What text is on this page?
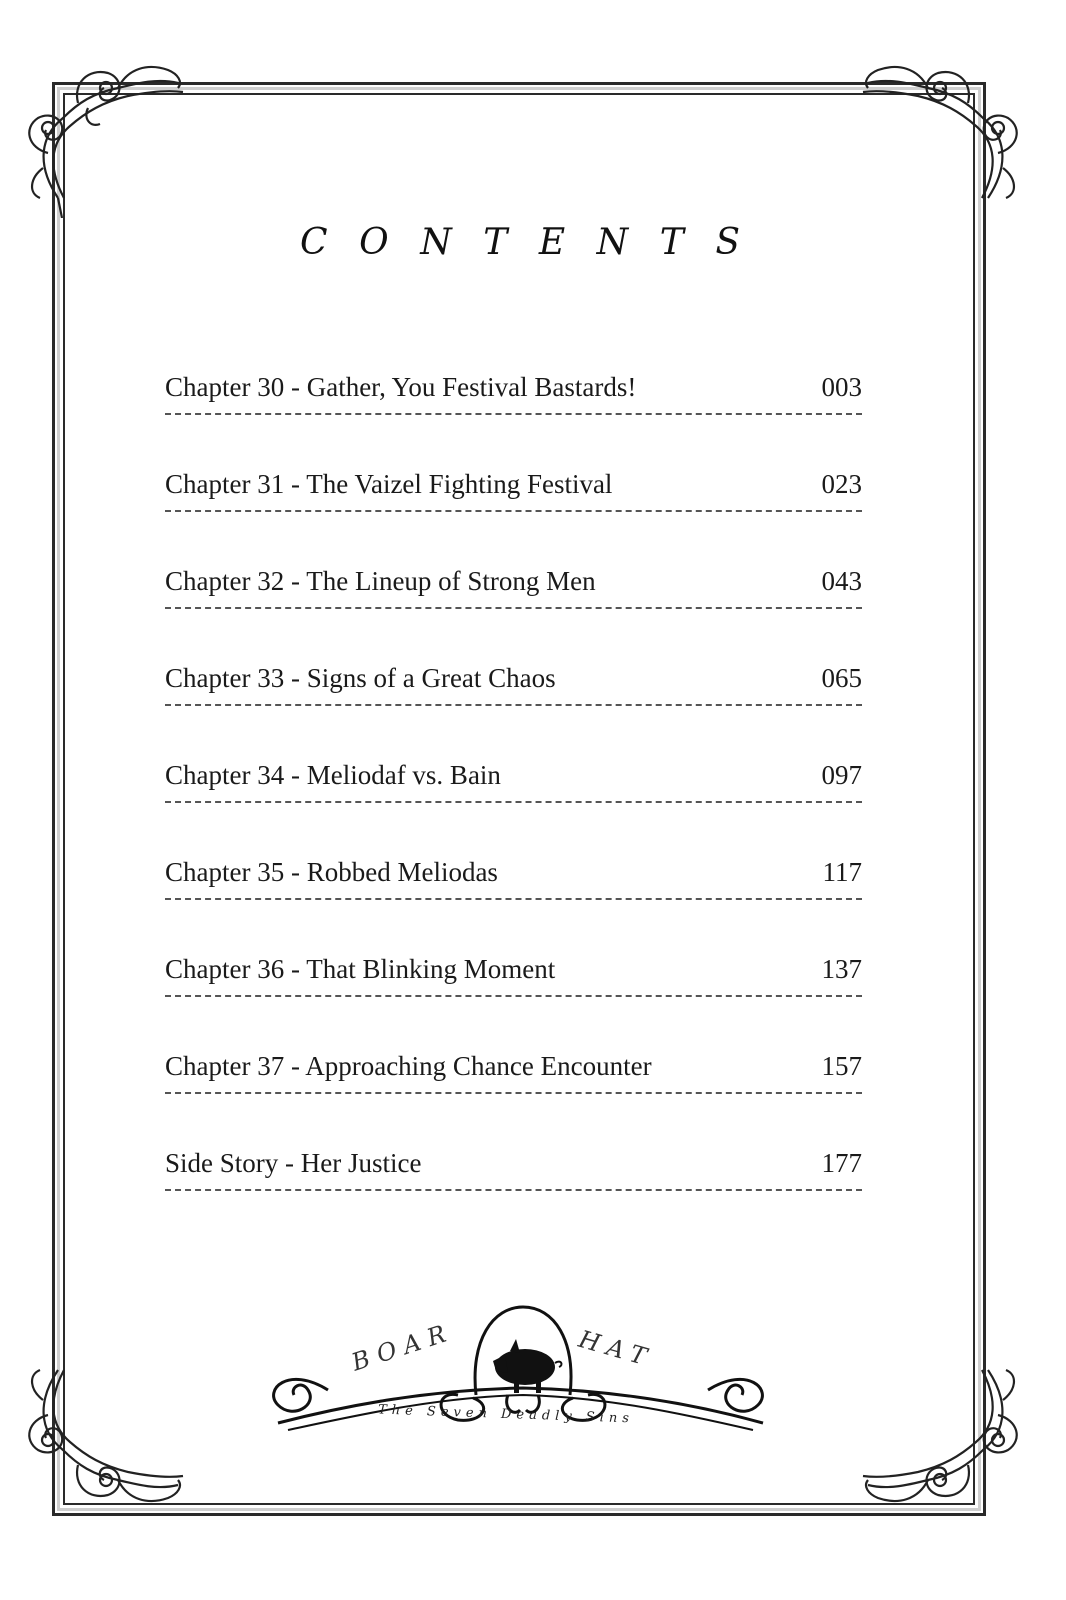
C O N T E N T S
Chapter 30 - Gather, You Festival Bastards!	003
Chapter 31 - The Vaizel Fighting Festival	023
Chapter 32 - The Lineup of Strong Men	043
Chapter 33 - Signs of a Great Chaos	065
Chapter 34 - Meliodaf vs. Bain	097
Chapter 35 - Robbed Meliodas	117
Chapter 36 - That Blinking Moment	137
Chapter 37 - Approaching Chance Encounter	157
Side Story - Her Justice	177
BOAR	HAT
The Seven Deadly Sins
